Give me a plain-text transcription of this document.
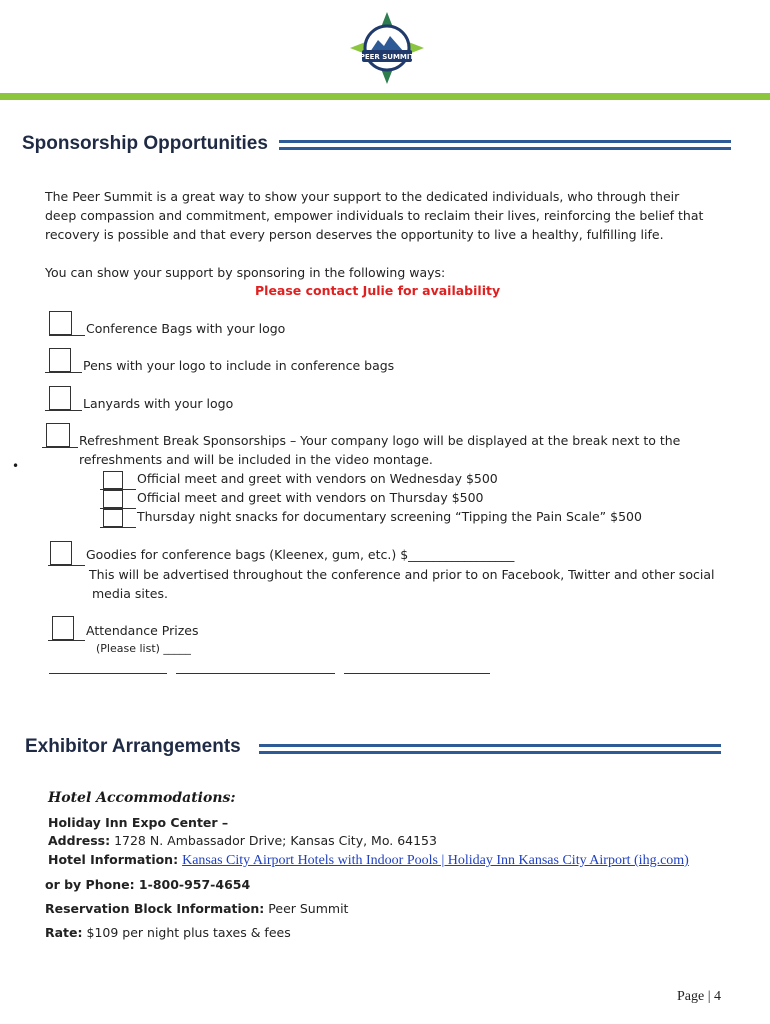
PEER SUMMIT
Sponsorship Opportunities
The Peer Summit is a great way to show your support to the dedicated individuals, who through their
deep compassion and commitment, empower individuals to reclaim their lives, reinforcing the belief that
recovery is possible and that every person deserves the opportunity to live a healthy, fulfilling life.
You can show your support by sponsoring in the following ways:
Please contact Julie for availability
Conference Bags with your logo
Pens with your logo to include in conference bags
Lanyards with your logo
Refreshment Break Sponsorships – Your company logo will be displayed at the break next to the
refreshments and will be included in the video montage.
•
Official meet and greet with vendors on Wednesday $500
Official meet and greet with vendors on Thursday $500
Thursday night snacks for documentary screening “Tipping the Pain Scale” $500
Goodies for conference bags (Kleenex, gum, etc.) $_________________
This will be advertised throughout the conference and prior to on Facebook, Twitter and other social
media sites.
Attendance Prizes
(Please list) _____
Exhibitor Arrangements
Hotel Accommodations:
Holiday Inn Expo Center –
Address: 1728 N. Ambassador Drive; Kansas City, Mo. 64153
Hotel Information: Kansas City Airport Hotels with Indoor Pools | Holiday Inn Kansas City Airport (ihg.com)
or by Phone: 1-800-957-4654
Reservation Block Information: Peer Summit
Rate: $109 per night plus taxes & fees
Page | 4
